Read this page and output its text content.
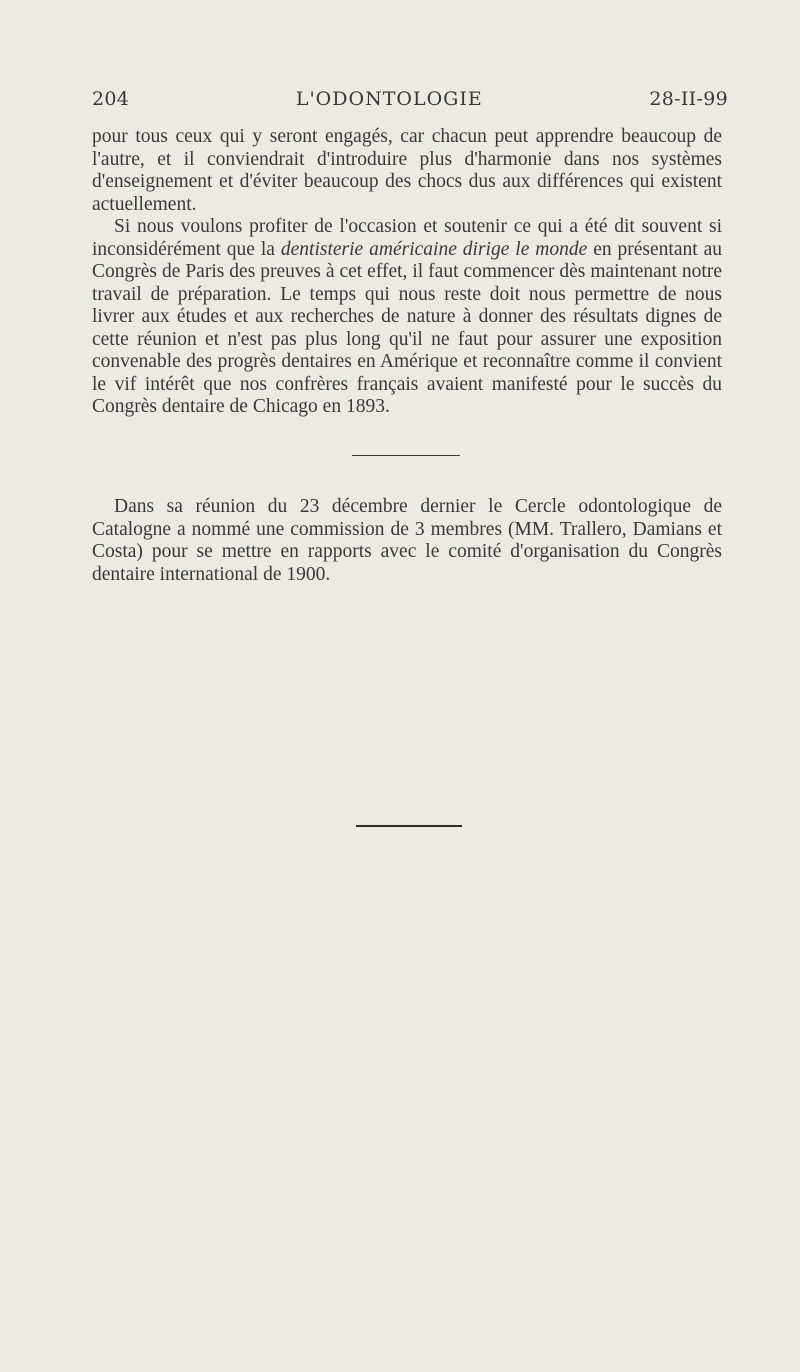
204	L'ODONTOLOGIE	28-II-99

pour tous ceux qui y seront engagés, car chacun peut apprendre beaucoup de l'autre, et il conviendrait d'introduire plus d'harmonie dans nos systèmes d'enseignement et d'éviter beaucoup des chocs dus aux différences qui existent actuellement.

Si nous voulons profiter de l'occasion et soutenir ce qui a été dit souvent si inconsidérément que la dentisterie américaine dirige le monde en présentant au Congrès de Paris des preuves à cet effet, il faut commencer dès maintenant notre travail de préparation. Le temps qui nous reste doit nous permettre de nous livrer aux études et aux recherches de nature à donner des résultats dignes de cette réunion et n'est pas plus long qu'il ne faut pour assurer une exposition convenable des progrès dentaires en Amérique et reconnaître comme il convient le vif intérêt que nos confrères français avaient manifesté pour le succès du Congrès dentaire de Chicago en 1893.

Dans sa réunion du 23 décembre dernier le Cercle odontologique de Catalogne a nommé une commission de 3 membres (MM. Trallero, Damians et Costa) pour se mettre en rapports avec le comité d'organisation du Congrès dentaire international de 1900.
